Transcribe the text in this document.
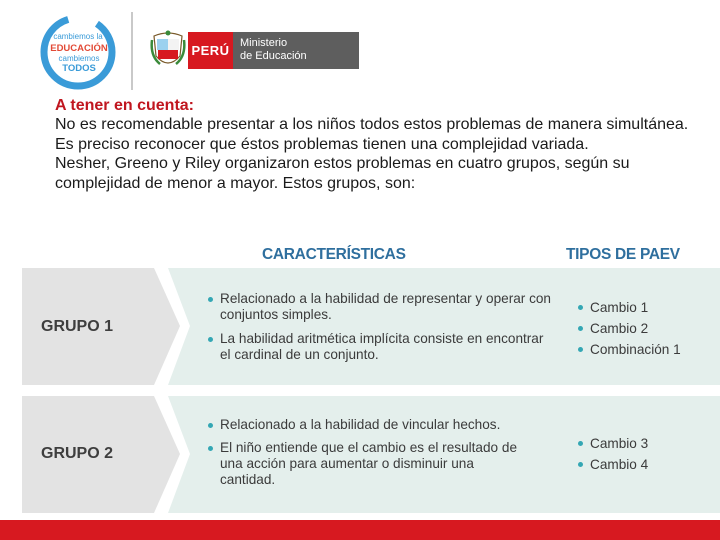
cambiemos la
EDUCACIÓN
cambiemos
TODOS
PERÚ Ministerio
de Educación

A tener en cuenta:

No es recomendable presentar a los niños todos estos problemas de manera simultánea.

Es preciso reconocer que éstos problemas tienen una complejidad variada.

Nesher, Greeno y Riley organizaron estos problemas en cuatro grupos, según su complejidad de menor a mayor. Estos grupos, son:

CARACTERÍSTICAS	TIPOS DE PAEV
GRUPO 1
Relacionado a la habilidad de representar y operar con conjuntos simples.
La habilidad aritmética implícita consiste en encontrar el cardinal de un conjunto.
Cambio 1
Cambio 2
Combinación 1
GRUPO 2
Relacionado a la habilidad de vincular hechos.
El niño entiende que el cambio es el resultado de una acción para aumentar o disminuir una cantidad.
Cambio 3
Cambio 4
